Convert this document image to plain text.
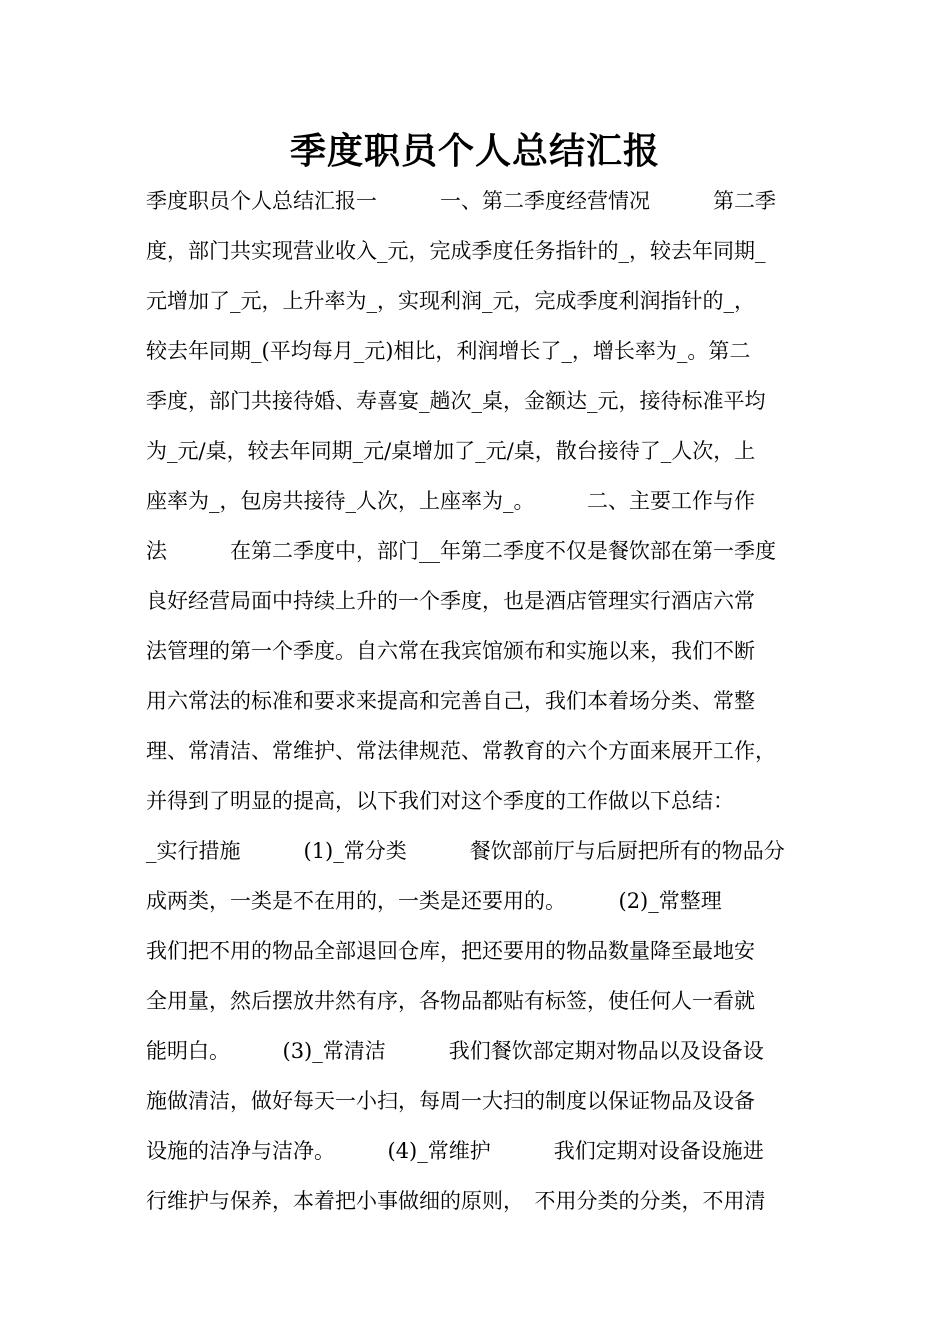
季度职员个人总结汇报
季度职员个人总结汇报一　　　一、第二季度经营情况　　　第二季
度，部门共实现营业收入_元，完成季度任务指针的_，较去年同期_
元增加了_元，上升率为_，实现利润_元，完成季度利润指针的_，
较去年同期_(平均每月_元)相比，利润增长了_，增长率为_。第二
季度，部门共接待婚、寿喜宴_趟次_桌，金额达_元，接待标准平均
为_元/桌，较去年同期_元/桌增加了_元/桌，散台接待了_人次，上
座率为_，包房共接待_人次，上座率为_。　　　二、主要工作与作
法　　　在第二季度中，部门__年第二季度不仅是餐饮部在第一季度
良好经营局面中持续上升的一个季度，也是酒店管理实行酒店六常
法管理的第一个季度。自六常在我宾馆颁布和实施以来，我们不断
用六常法的标准和要求来提高和完善自己，我们本着场分类、常整
理、常清洁、常维护、常法律规范、常教育的六个方面来展开工作，
并得到了明显的提高，以下我们对这个季度的工作做以下总结：
_实行措施　　　(1)_常分类　　　餐饮部前厅与后厨把所有的物品分
成两类，一类是不在用的，一类是还要用的。　　　(2)_常整理
我们把不用的物品全部退回仓库，把还要用的物品数量降至最地安
全用量，然后摆放井然有序，各物品都贴有标签，使任何人一看就
能明白。　　　(3)_常清洁　　　我们餐饮部定期对物品以及设备设
施做清洁，做好每天一小扫，每周一大扫的制度以保证物品及设备
设施的洁净与洁净。　　　(4)_常维护　　　我们定期对设备设施进
行维护与保养，本着把小事做细的原则，　不用分类的分类，不用清
